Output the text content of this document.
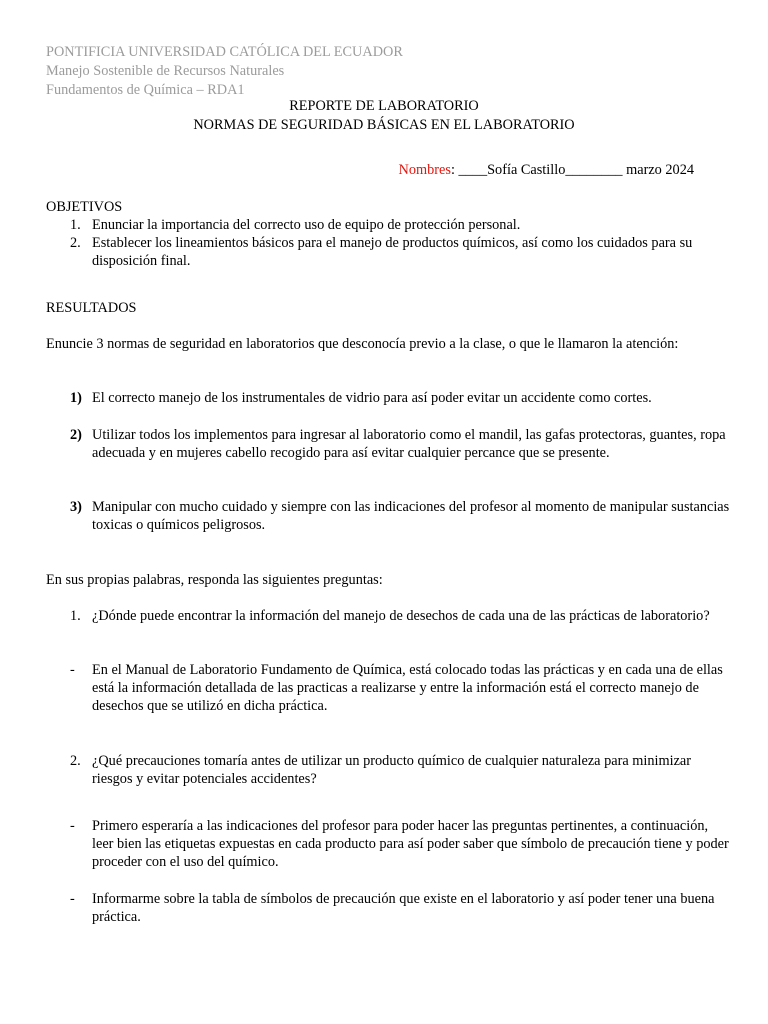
PONTIFICIA UNIVERSIDAD CATÓLICA DEL ECUADOR
Manejo Sostenible de Recursos Naturales
Fundamentos de Química – RDA1
REPORTE DE LABORATORIO
NORMAS DE SEGURIDAD BÁSICAS EN EL LABORATORIO
Nombres: ____Sofía Castillo________ marzo 2024
OBJETIVOS
1. Enunciar la importancia del correcto uso de equipo de protección personal.
2. Establecer los lineamientos básicos para el manejo de productos químicos, así como los cuidados para su disposición final.
RESULTADOS
Enuncie 3 normas de seguridad en laboratorios que desconocía previo a la clase, o que le llamaron la atención:
1) El correcto manejo de los instrumentales de vidrio para así poder evitar un accidente como cortes.
2) Utilizar todos los implementos para ingresar al laboratorio como el mandil, las gafas protectoras, guantes, ropa adecuada y en mujeres cabello recogido para así evitar cualquier percance que se presente.
3) Manipular con mucho cuidado y siempre con las indicaciones del profesor al momento de manipular sustancias toxicas o químicos peligrosos.
En sus propias palabras, responda las siguientes preguntas:
1. ¿Dónde puede encontrar la información del manejo de desechos de cada una de las prácticas de laboratorio?
-	En el Manual de Laboratorio Fundamento de Química, está colocado todas las prácticas y en cada una de ellas está la información detallada de las practicas a realizarse y entre la información está el correcto manejo de desechos que se utilizó en dicha práctica.
2. ¿Qué precauciones tomaría antes de utilizar un producto químico de cualquier naturaleza para minimizar riesgos y evitar potenciales accidentes?
-	Primero esperaría a las indicaciones del profesor para poder hacer las preguntas pertinentes, a continuación, leer bien las etiquetas expuestas en cada producto para así poder saber que símbolo de precaución tiene y poder proceder con el uso del químico.
-	Informarme sobre la tabla de símbolos de precaución que existe en el laboratorio y así poder tener una buena práctica.
